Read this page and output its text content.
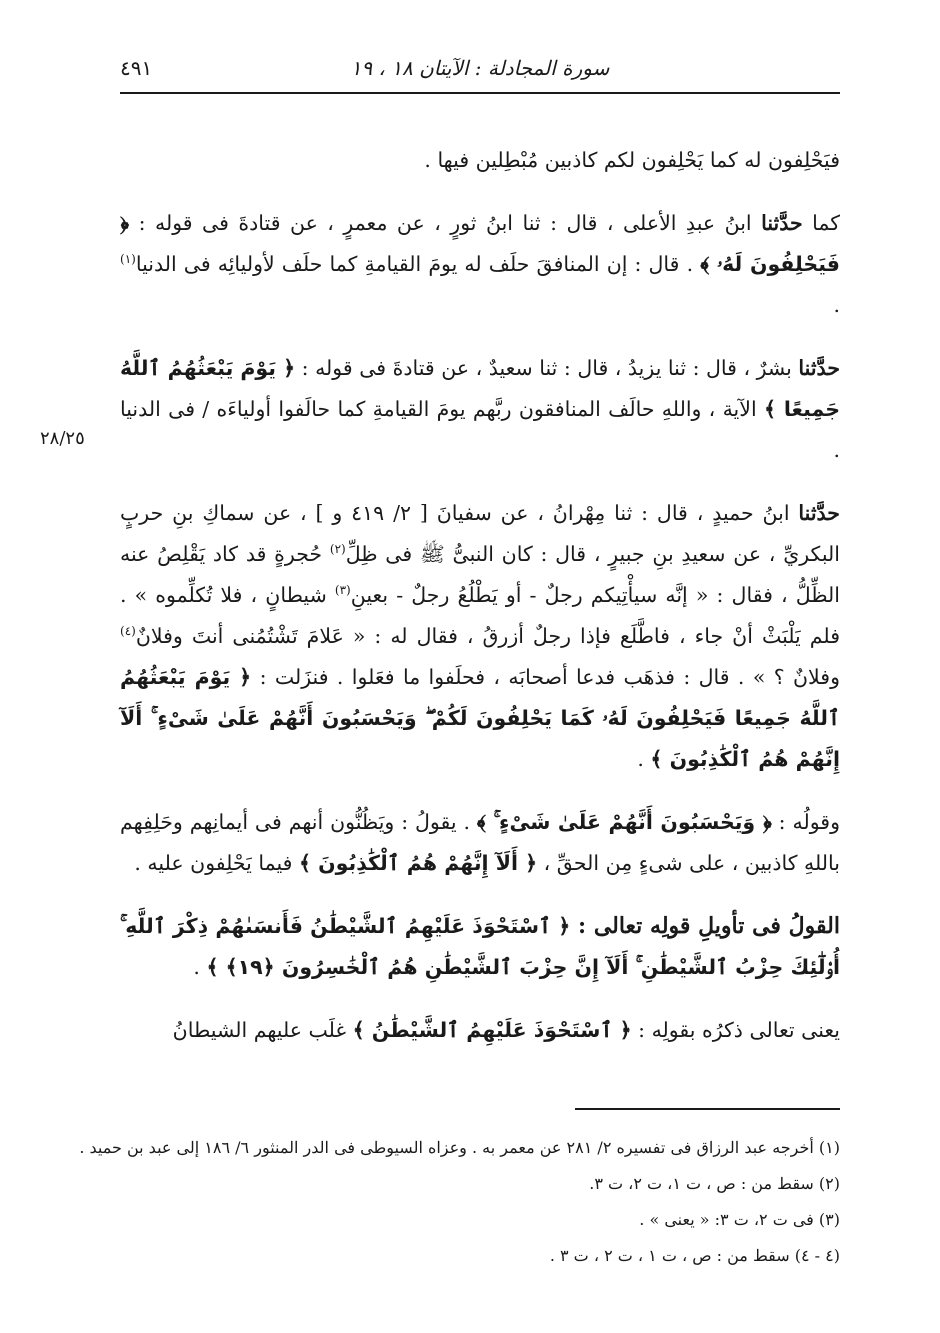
سورة المجادلة : الآيتان ١٨ ، ١٩
٤٩١
٢٨/٢٥

فيَحْلِفون له كما يَحْلِفون لكم كاذبين مُبْطِلين فيها .

كما حدَّثنا ابنُ عبدِ الأعلى ، قال : ثنا ابنُ ثورٍ ، عن معمرٍ ، عن قتادةَ فى قوله : ﴿ فَيَحْلِفُونَ لَهُۥ ﴾ . قال : إن المنافقَ حلَف له يومَ القيامةِ كما حلَف لأوليائِه فى الدنيا$^{(١)}$ .

حدَّثنا بشرٌ ، قال : ثنا يزيدُ ، قال : ثنا سعيدٌ ، عن قتادةَ فى قوله : ﴿ يَوْمَ يَبْعَثُهُمُ ٱللَّهُ جَمِيعًا ﴾ الآية ، واللهِ حالَف المنافقون ربَّهم يومَ القيامةِ كما حالَفوا أولياءَه / فى الدنيا .

حدَّثنا ابنُ حميدٍ ، قال : ثنا مِهْرانُ ، عن سفيانَ [ ٢/ ٤١٩ و ] ، عن سماكِ بنِ حربٍ البكريِّ ، عن سعيدِ بنِ جبيرٍ ، قال : كان النبىُّ ﷺ فى ظِلِّ$^{(٢)}$ حُجرةٍ قد كاد يَقْلِصُ عنه الظِّلُّ ، فقال : « إنَّه سيأْتِيكم رجلٌ - أو يَطْلُعُ رجلٌ - بعينِ$^{(٣)}$ شيطانٍ ، فلا تُكلِّموه » . فلم يَلْبَثْ أنْ جاء ، فاطَّلَع فإذا رجلٌ أزرقُ ، فقال له : « عَلامَ تَشْتُمُنى أنتَ وفلانٌ$^{(٤)}$ وفلانٌ ؟ » . قال : فذهَب فدعا أصحابَه ، فحلَفوا ما فعَلوا . فنزَلت : ﴿ يَوْمَ يَبْعَثُهُمُ ٱللَّهُ جَمِيعًا فَيَحْلِفُونَ لَهُۥ كَمَا يَحْلِفُونَ لَكُمْ ۖ وَيَحْسَبُونَ أَنَّهُمْ عَلَىٰ شَىْءٍ ۚ أَلَآ إِنَّهُمْ هُمُ ٱلْكَٰذِبُونَ ﴾ .

وقولُه : ﴿ وَيَحْسَبُونَ أَنَّهُمْ عَلَىٰ شَىْءٍ ۚ ﴾ . يقولُ : ويَظُنُّون أنهم فى أيمانِهم وحَلِفِهم باللهِ كاذبين ، على شىءٍ مِن الحقِّ ، ﴿ أَلَآ إِنَّهُمْ هُمُ ٱلْكَٰذِبُونَ ﴾ فيما يَحْلِفون عليه .

القولُ فى تأويلِ قولِه تعالى : ﴿ ٱسْتَحْوَذَ عَلَيْهِمُ ٱلشَّيْطَٰنُ فَأَنسَىٰهُمْ ذِكْرَ ٱللَّهِ ۚ أُو۟لَٰٓئِكَ حِزْبُ ٱلشَّيْطَٰنِ ۚ أَلَآ إِنَّ حِزْبَ ٱلشَّيْطَٰنِ هُمُ ٱلْخَٰسِرُونَ ﴿١٩﴾ ﴾ .

يعنى تعالى ذكرُه بقولِه : ﴿ ٱسْتَحْوَذَ عَلَيْهِمُ ٱلشَّيْطَٰنُ ﴾ غلَب عليهم الشيطانُ

(١) أخرجه عبد الرزاق فى تفسيره ٢/ ٢٨١ عن معمر به . وعزاه السيوطى فى الدر المنثور ٦/ ١٨٦ إلى عبد بن حميد .
(٢) سقط من : ص ، ت ١، ت ٢، ت ٣.
(٣) فى ت ٢، ت ٣: « يعنى » .
(٤ - ٤) سقط من : ص ، ت ١ ، ت ٢ ، ت ٣ .
